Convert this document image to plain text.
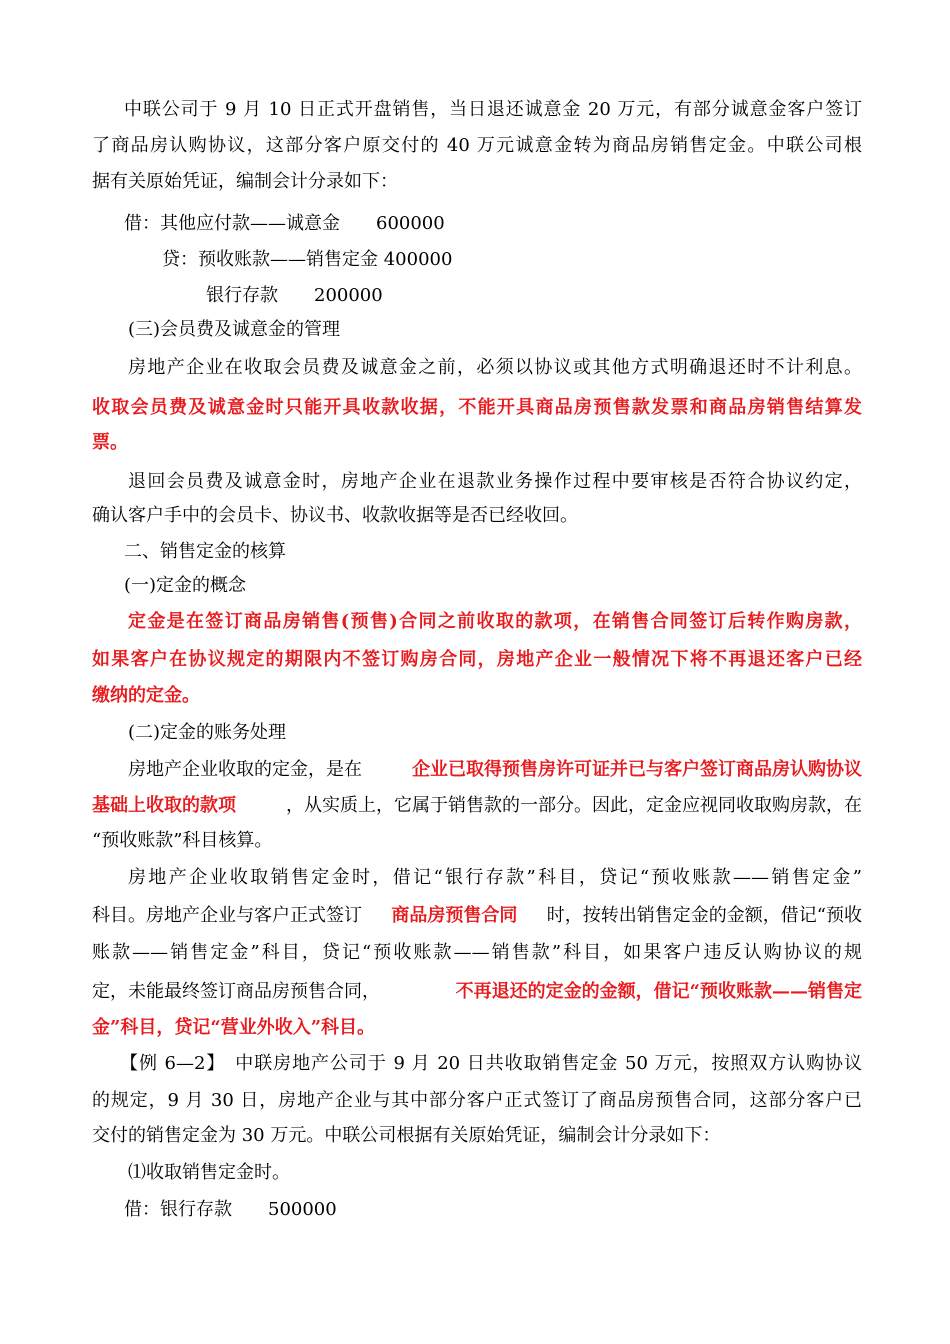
中联公司于 9 月 10 日正式开盘销售，当日退还诚意金 20 万元，有部分诚意金客户签订
了商品房认购协议，这部分客户原交付的 40 万元诚意金转为商品房销售定金。中联公司根
据有关原始凭证，编制会计分录如下：
借：其他应付款——诚意金　　600000
贷：预收账款——销售定金 400000
银行存款　　200000
(三)会员费及诚意金的管理
房地产企业在收取会员费及诚意金之前，必须以协议或其他方式明确退还时不计利息。
收取会员费及诚意金时只能开具收款收据，不能开具商品房预售款发票和商品房销售结算发
票。
退回会员费及诚意金时，房地产企业在退款业务操作过程中要审核是否符合协议约定，
确认客户手中的会员卡、协议书、收款收据等是否已经收回。
二、销售定金的核算
(一)定金的概念
定金是在签订商品房销售(预售)合同之前收取的款项，在销售合同签订后转作购房款，
如果客户在协议规定的期限内不签订购房合同，房地产企业一般情况下将不再退还客户已经
缴纳的定金。
(二)定金的账务处理
房地产企业收取的定金，是在	企业已取得预售房许可证并已与客户签订商品房认购协议
基础上收取的款项	，从实质上，它属于销售款的一部分。因此，定金应视同收取购房款，在
“预收账款”科目核算。
房地产企业收取销售定金时，借记“银行存款”科目，贷记“预收账款——销售定金”
科目。房地产企业与客户正式签订 商品房预售合同 时，按转出销售定金的金额，借记“预收
账款——销售定金”科目，贷记“预收账款——销售款”科目，如果客户违反认购协议的规
定，未能最终签订商品房预售合同，	不再退还的定金的金额，借记“预收账款——销售定
金”科目，贷记“营业外收入”科目。
【例 6—2】　中联房地产公司于 9 月 20 日共收取销售定金 50 万元，按照双方认购协议
的规定，9 月 30 日，房地产企业与其中部分客户正式签订了商品房预售合同，这部分客户已
交付的销售定金为 30 万元。中联公司根据有关原始凭证，编制会计分录如下：
⑴收取销售定金时。
借：银行存款　　500000
